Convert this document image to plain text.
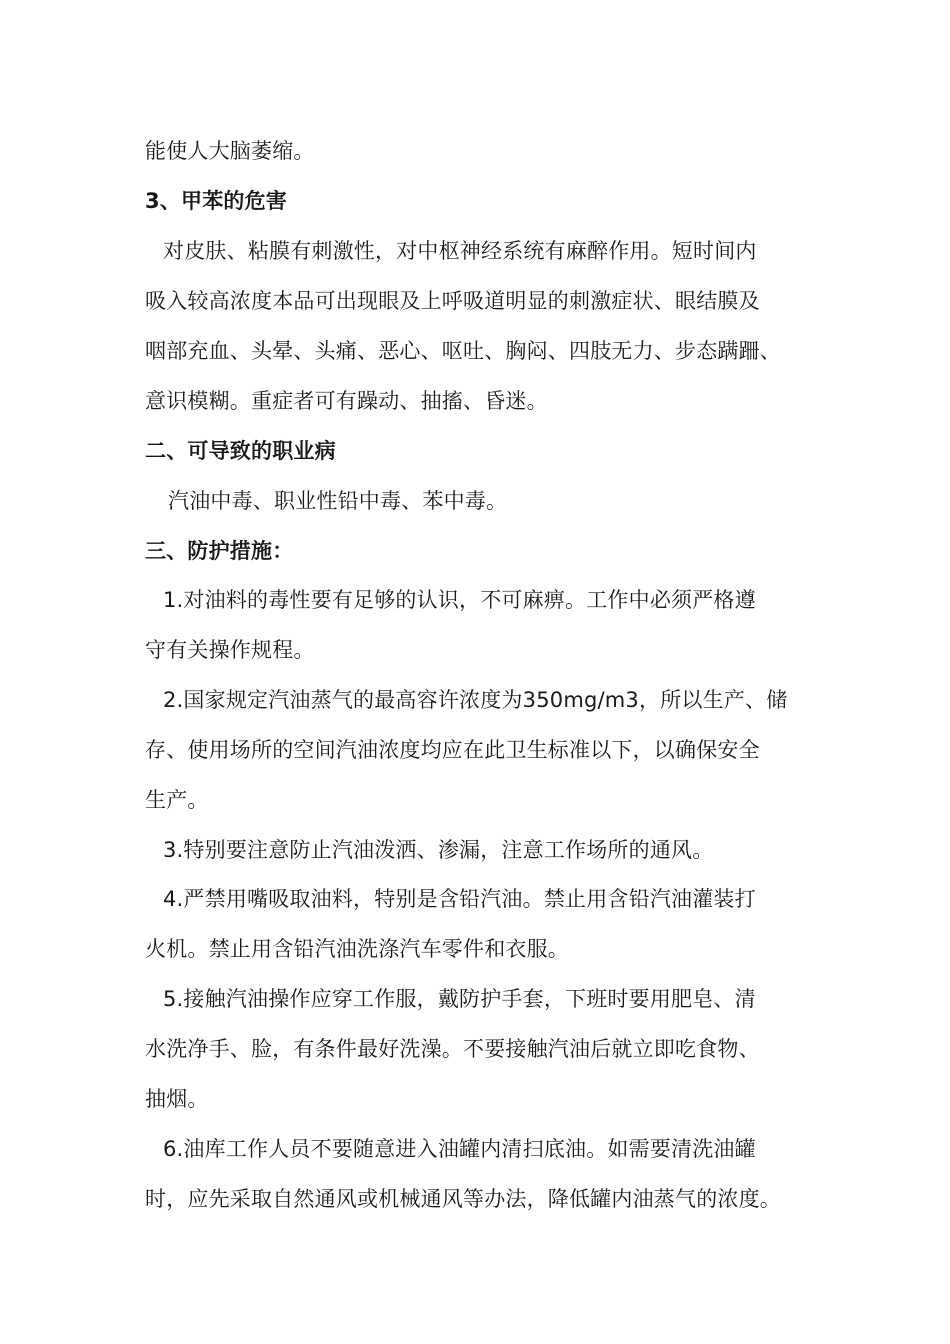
能使人大脑萎缩。
3、甲苯的危害
对皮肤、粘膜有刺激性，对中枢神经系统有麻醉作用。短时间内
吸入较高浓度本品可出现眼及上呼吸道明显的刺激症状、眼结膜及
咽部充血、头晕、头痛、恶心、呕吐、胸闷、四肢无力、步态蹒跚、
意识模糊。重症者可有躁动、抽搐、昏迷。
二、可导致的职业病
汽油中毒、职业性铅中毒、苯中毒。
三、防护措施：
1.对油料的毒性要有足够的认识，不可麻痹。工作中必须严格遵
守有关操作规程。
2.国家规定汽油蒸气的最高容许浓度为350mg/m3，所以生产、储
存、使用场所的空间汽油浓度均应在此卫生标准以下，以确保安全
生产。
3.特别要注意防止汽油泼洒、渗漏，注意工作场所的通风。
4.严禁用嘴吸取油料，特别是含铅汽油。禁止用含铅汽油灌装打
火机。禁止用含铅汽油洗涤汽车零件和衣服。
5.接触汽油操作应穿工作服，戴防护手套，下班时要用肥皂、清
水洗净手、脸，有条件最好洗澡。不要接触汽油后就立即吃食物、
抽烟。
6.油库工作人员不要随意进入油罐内清扫底油。如需要清洗油罐
时，应先采取自然通风或机械通风等办法，降低罐内油蒸气的浓度。
